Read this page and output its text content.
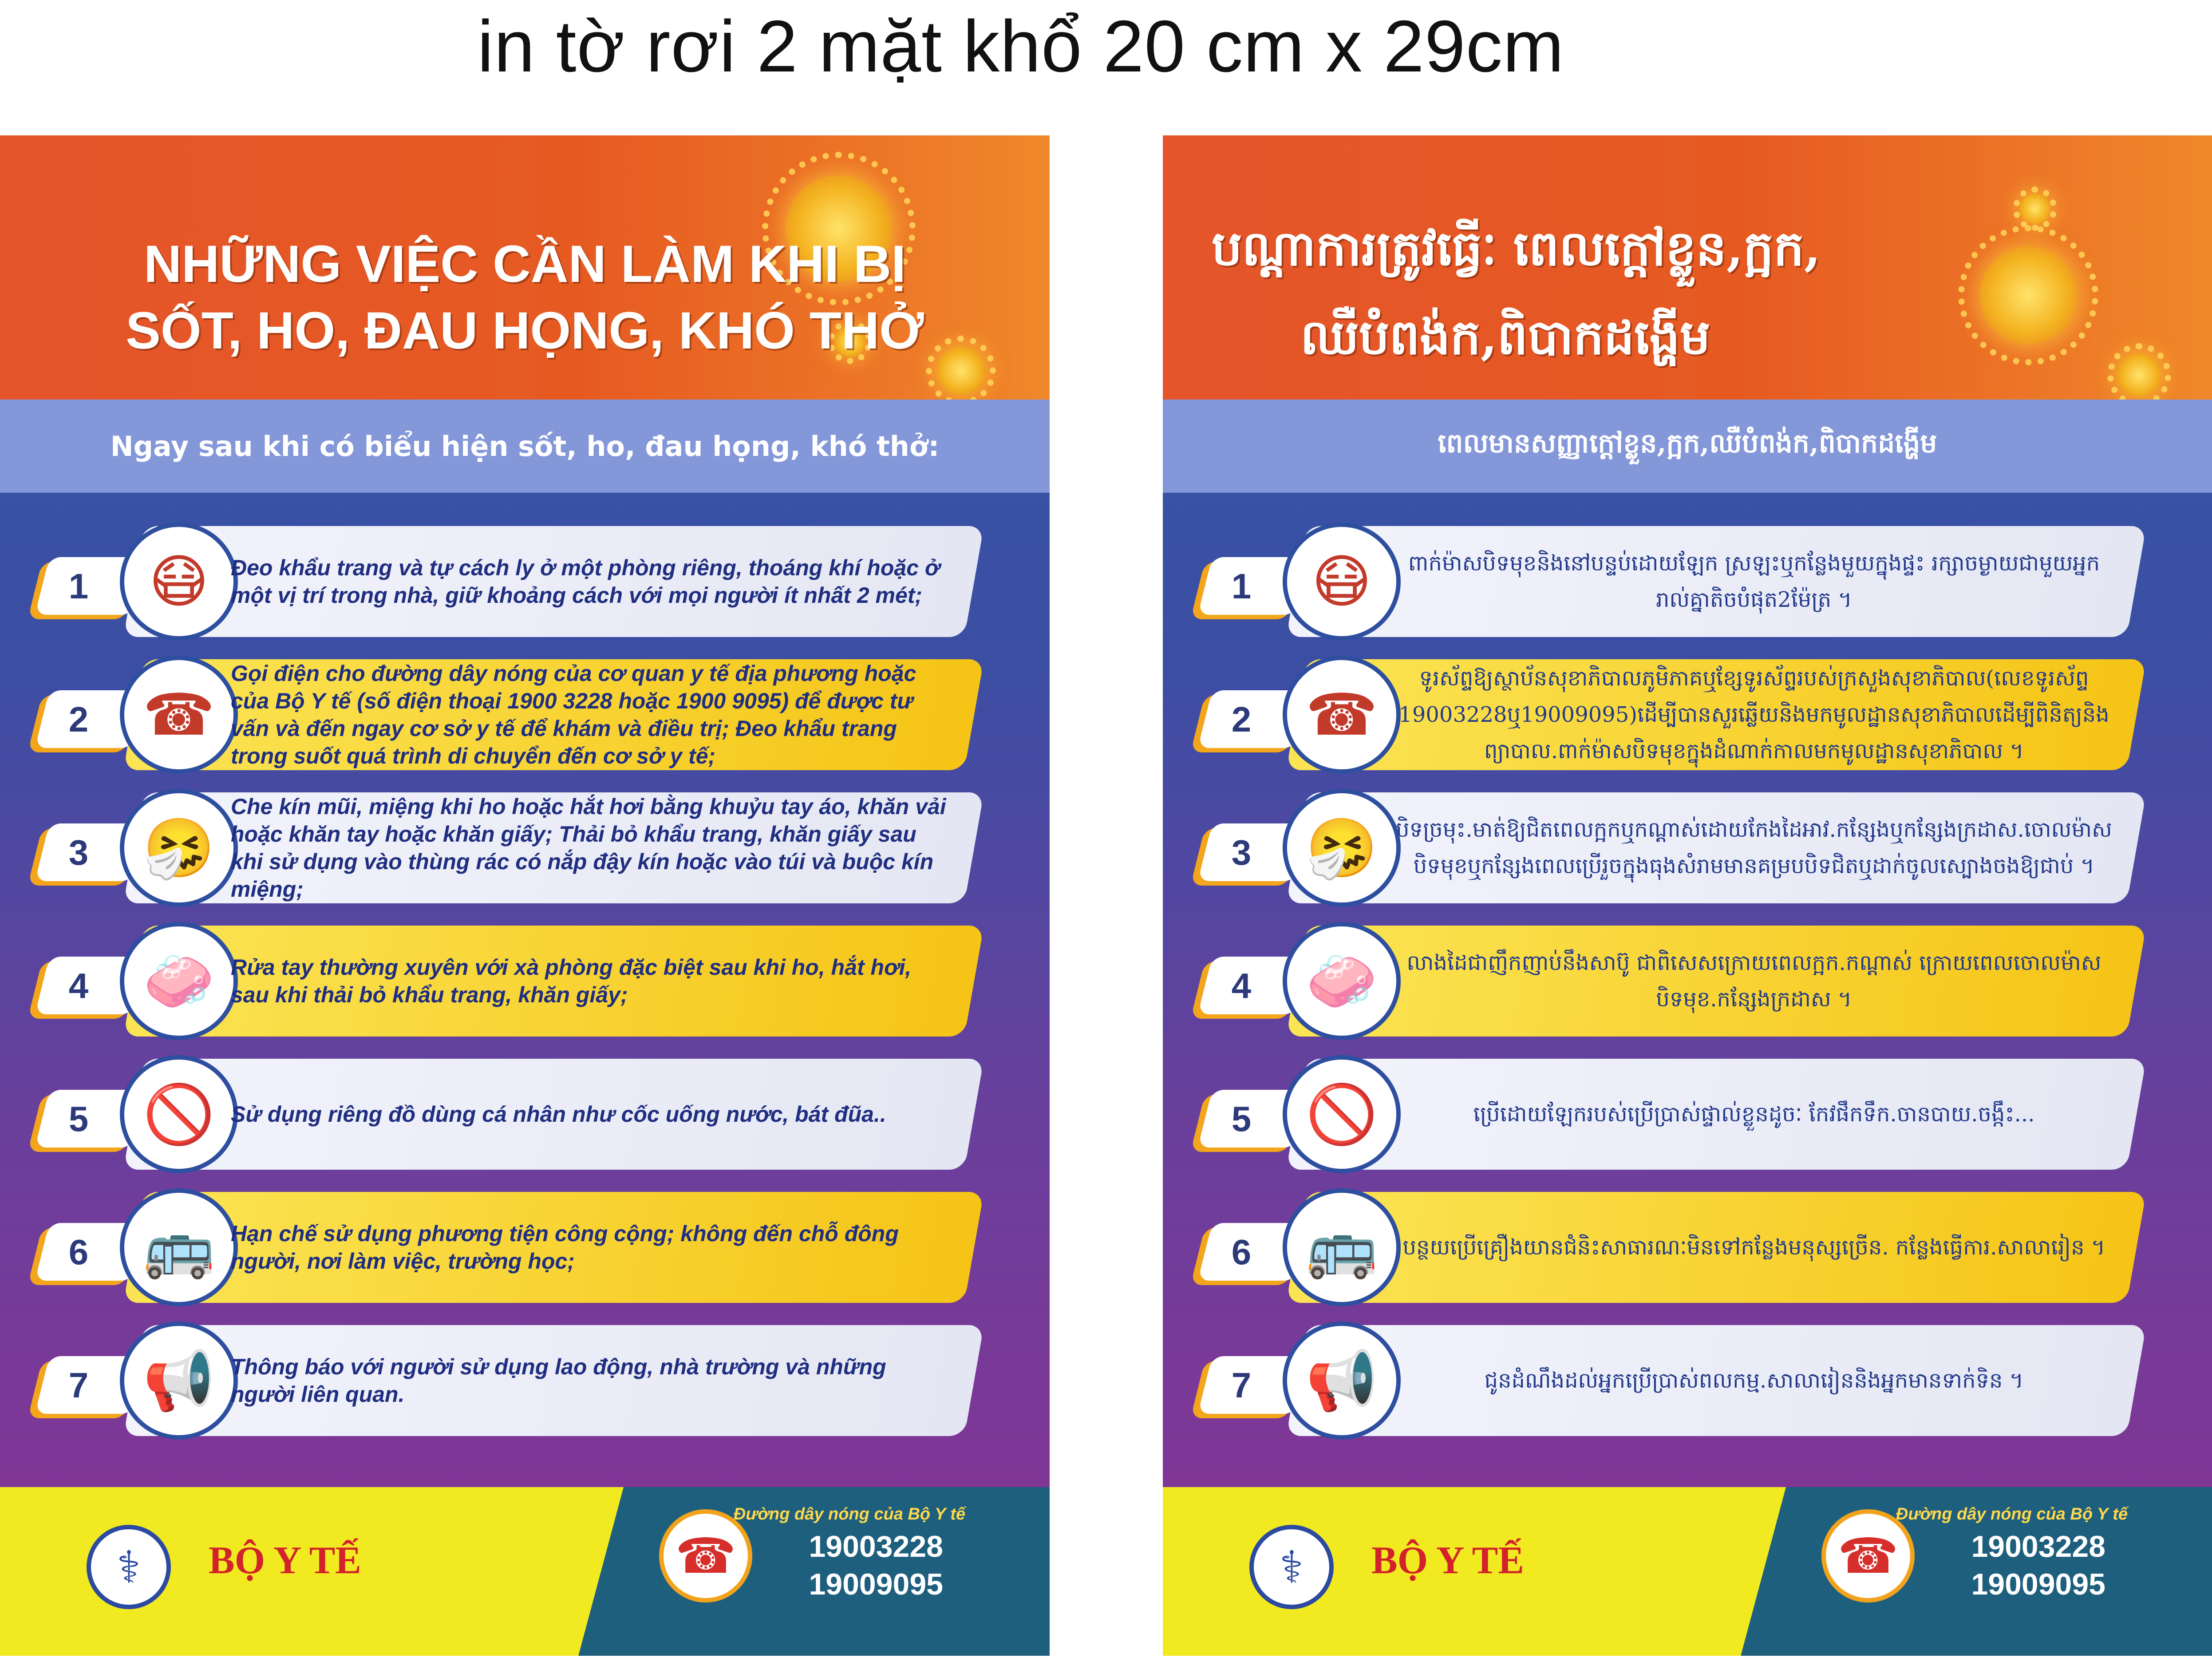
in tờ rơi 2 mặt khổ 20 cm x 29cm
NHỮNG VIỆC CẦN LÀM KHI BỊ
SỐT, HO, ĐAU HỌNG, KHÓ THỞ
Ngay sau khi có biểu hiện sốt, ho, đau họng, khó thở:
1	😷 Đeo khẩu trang và tự cách ly ở một phòng riêng, thoáng khí hoặc ở một vị trí trong nhà, giữ khoảng cách với mọi người ít nhất 2 mét;
2 ☎
Gọi điện cho đường dây nóng của cơ quan y tế địa phương hoặc của Bộ Y tế (số điện thoại 1900 3228 hoặc 1900 9095) để được tư vấn và đến ngay cơ sở y tế để khám và điều trị; Đeo khẩu trang trong suốt quá trình di chuyển đến cơ sở y tế;
3 🤧
Che kín mũi, miệng khi ho hoặc hắt hơi bằng khuỷu tay áo, khăn vải hoặc khăn tay hoặc khăn giấy; Thải bỏ khẩu trang, khăn giấy sau khi sử dụng vào thùng rác có nắp đậy kín hoặc vào túi và buộc kín miệng;
4 🧼 Rửa tay thường xuyên với xà phòng đặc biệt sau khi ho, hắt hơi, sau khi thải bỏ khẩu trang, khăn giấy;
5 🚫 Sử dụng riêng đồ dùng cá nhân như cốc uống nước, bát đũa..
6 🚌 Hạn chế sử dụng phương tiện công cộng; không đến chỗ đông người, nơi làm việc, trường học;
7 📢 Thông báo với người sử dụng lao động, nhà trường và những người liên quan.
⚕	BỘ Y TẾ	☎
Đường dây nóng của Bộ Y tế
19003228
19009095
បណ្ដាការត្រូវធ្វើៈ ពេលក្ដៅខ្លួន,ក្អក,
ឈឺបំពង់ក,ពិបាកដង្ហើម
ពេលមានសញ្ញាក្ដៅខ្លួន,ក្អក,ឈឺបំពង់ក,ពិបាកដង្ហើម
1	😷	ពាក់ម៉ាសបិទមុខនិងនៅបន្ទប់ដោយឡែក ស្រឡះឬកន្លែងមួយក្នុងផ្ទះ រក្សាចម្ងាយជាមួយអ្នករាល់គ្នាតិចបំផុត2ម៉ែត្រ ។
2 ☎
ទូរស័ព្ទឱ្យស្ថាប័នសុខាភិបាលភូមិភាគឬខ្សែទូរស័ព្ទរបស់ក្រសួងសុខាភិបាល(លេខទូរស័ព្ទ 19003228ឬ19009095)ដើម្បីបានសួរឆ្លើយនិងមកមូលដ្ឋានសុខាភិបាលដើម្បីពិនិត្យនិងព្យាបាល.ពាក់ម៉ាសបិទមុខក្នុងដំណាក់កាលមកមូលដ្ឋានសុខាភិបាល ។
3 🤧 បិទច្រមុះ.មាត់ឱ្យជិតពេលក្អកឬកណ្ដាស់ដោយកែងដៃអាវ.កន្សែងឬកន្សែងក្រដាស.ចោលម៉ាសបិទមុខឬកន្សែងពេលប្រើរួចក្នុងធុងសំរាមមានគម្របបិទជិតឬដាក់ចូលស្បោងចងឱ្យជាប់ ។
4 🧼	លាងដៃជាញឹកញាប់នឹងសាប៊ូ ជាពិសេសក្រោយពេលក្អក.កណ្ដាស់ ក្រោយពេលចោលម៉ាសបិទមុខ.កន្សែងក្រដាស ។
5 🚫	ប្រើដោយឡែករបស់ប្រើប្រាស់ផ្ទាល់ខ្លួនដូចៈ កែវផឹកទឹក.ចានបាយ.ចង្កឹះ...
6 🚌	បន្ថយប្រើគ្រឿងយានជំនិះសាធារណៈមិនទៅកន្លែងមនុស្សច្រើន. កន្លែងធ្វើការ.សាលារៀន ។
7 📢	ជូនដំណឹងដល់អ្នកប្រើប្រាស់ពលកម្ម.សាលារៀននិងអ្នកមានទាក់ទិន ។
⚕	BỘ Y TẾ	☎
Đường dây nóng của Bộ Y tế
19003228
19009095
